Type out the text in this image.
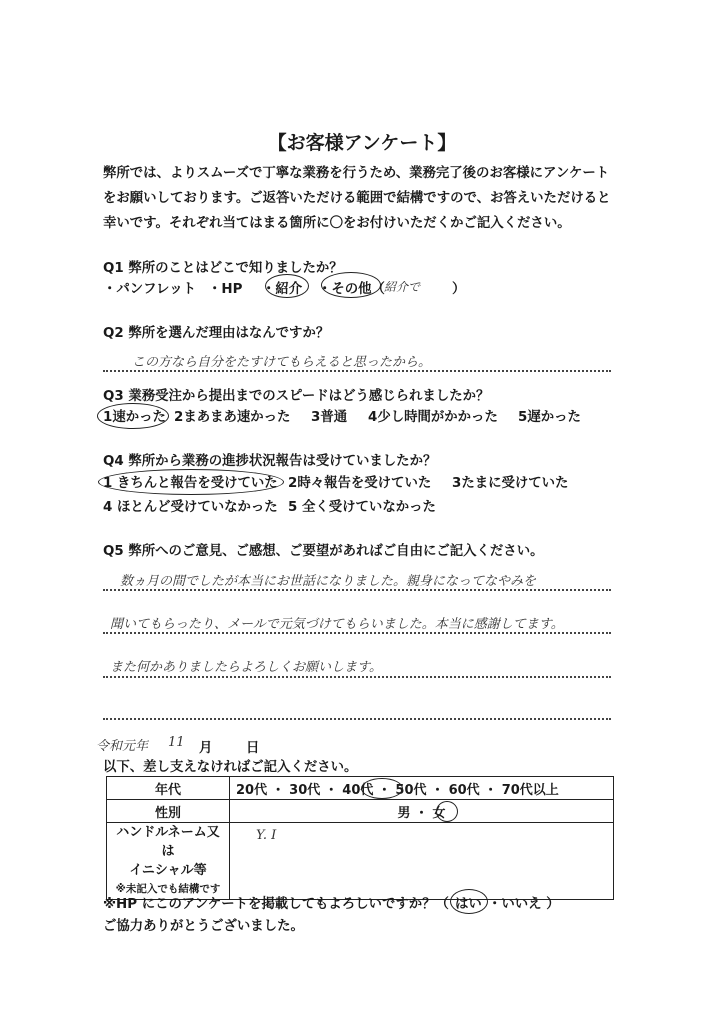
【お客様アンケート】
弊所では、よりスムーズで丁寧な業務を行うため、業務完了後のお客様にアンケート
をお願いしております。ご返答いただける範囲で結構ですので、お答えいただけると
幸いです。それぞれ当てはまる箇所に〇をお付けいただくかご記入ください。
Q1 弊所のことはどこで知りましたか？
・パンフレット ・HP ・紹介 ・その他（ 紹介で ）
Q2 弊所を選んだ理由はなんですか？
この方なら自分をたすけてもらえると思ったから。
Q3 業務受注から提出までのスピードはどう感じられましたか？
1速かった 2まあまあ速かった 3普通 4少し時間がかかった 5遅かった
Q4 弊所から業務の進捗状況報告は受けていましたか？
1 きちんと報告を受けていた 2時々報告を受けていた 3たまに受けていた
4 ほとんど受けていなかった 5 全く受けていなかった
Q5 弊所へのご意見、ご感想、ご要望があればご自由にご記入ください。
数ヵ月の間でしたが本当にお世話になりました。親身になってなやみを
聞いてもらったり、メールで元気づけてもらいました。本当に感謝してます。
また何かありましたらよろしくお願いします。
令和元年 11 月	日
以下、差し支えなければご記入ください。
年代	20代 ・ 30代 ・ 40代 ・ 50代 ・ 60代 ・ 70代以上

性別	男 ・ 女

ハンドルネーム又は
イニシャル等
※未記入でも結構です	Y. I
※HP にこのアンケートを掲載してもよろしいですか？（ はい ・いいえ ）
ご協力ありがとうございました。
